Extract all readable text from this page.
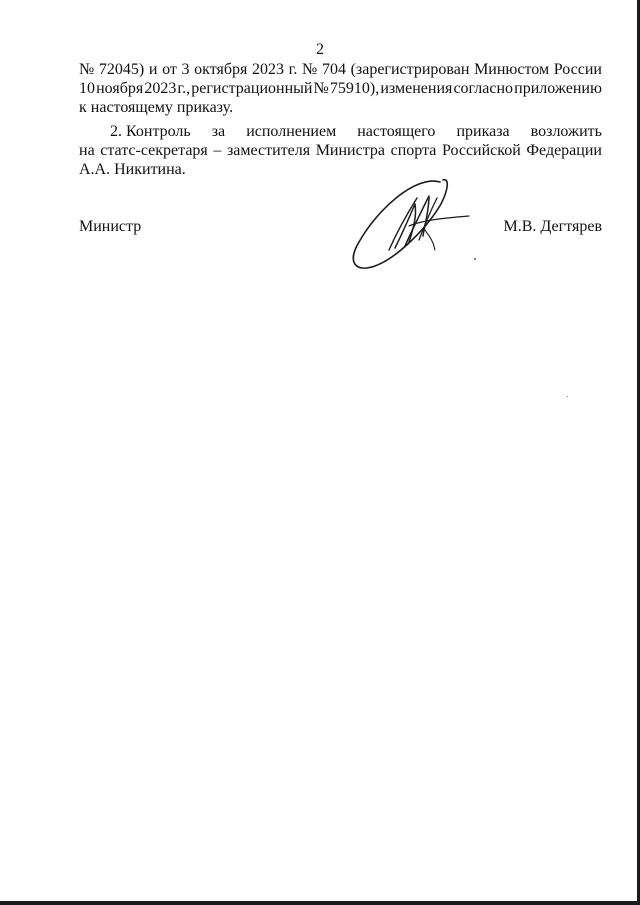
2
№ 72045) и от 3 октября 2023 г. № 704 (зарегистрирован Минюстом России
10 ноября 2023 г., регистрационный № 75910), изменения согласно приложению
к настоящему приказу.
2. Контроль за исполнением настоящего приказа возложить
на статс-секретаря – заместителя Министра спорта Российской Федерации
А.А. Никитина.
Министр	М.В. Дегтярев
